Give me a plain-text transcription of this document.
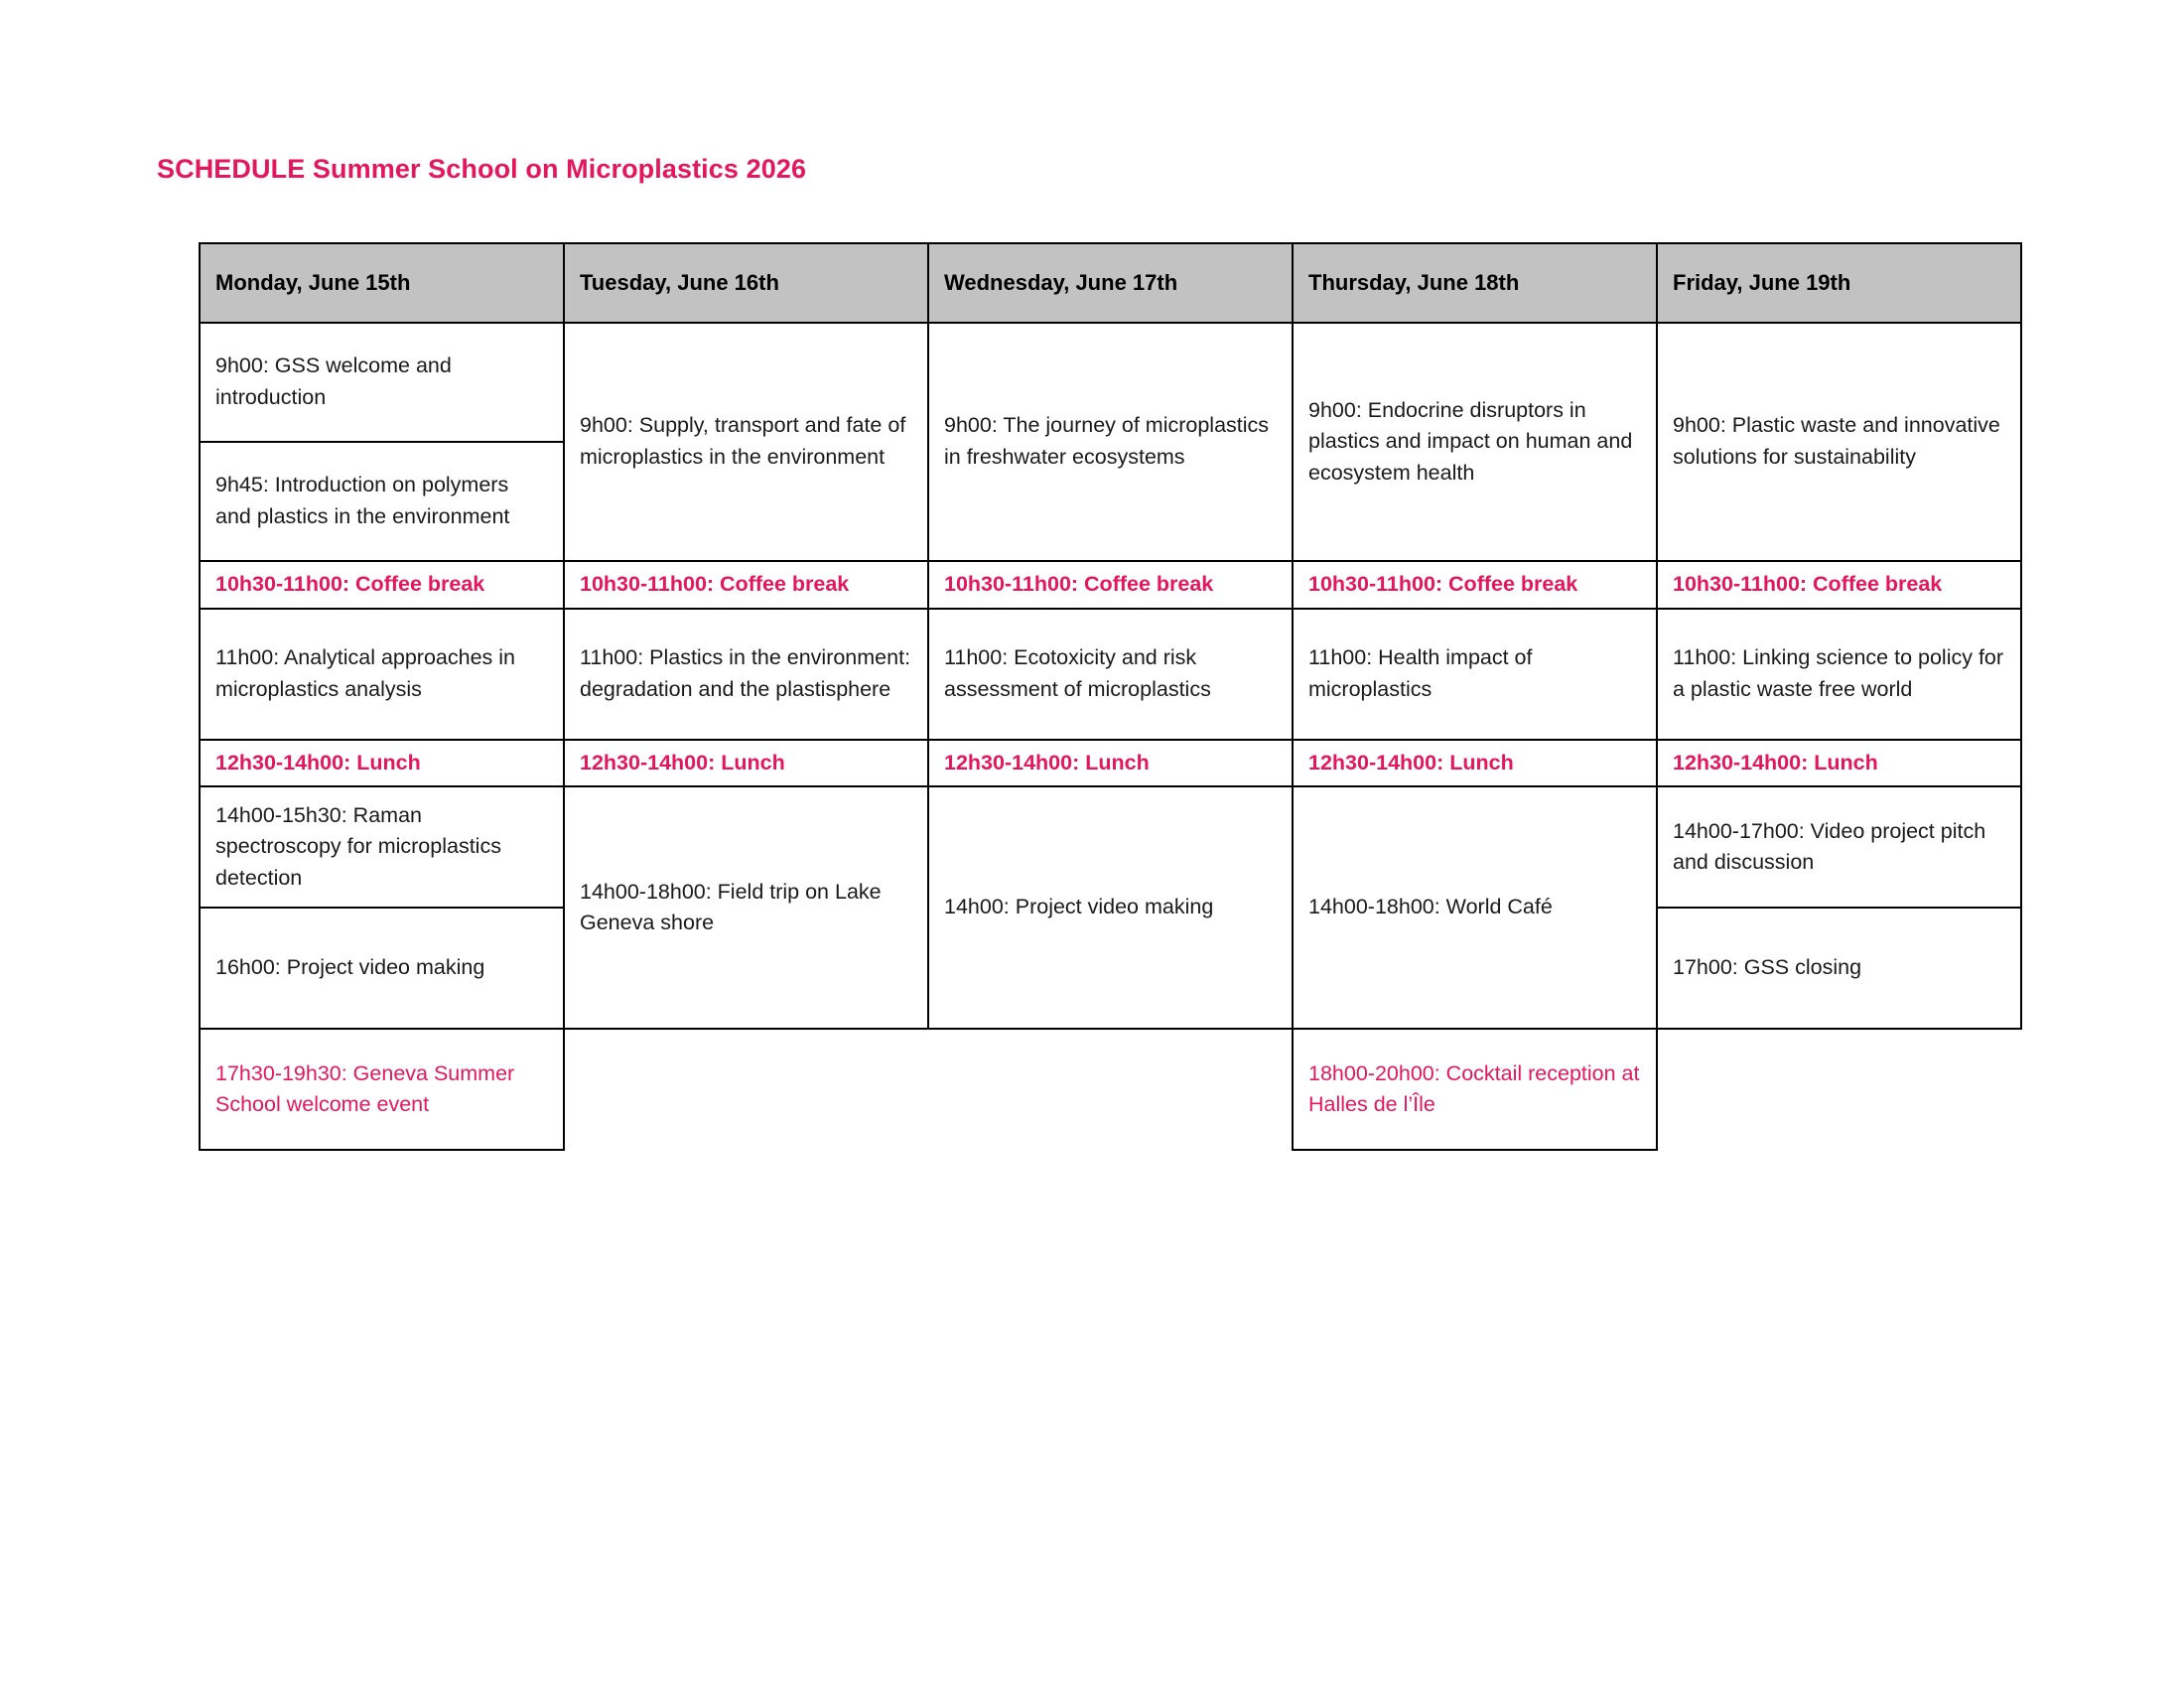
SCHEDULE Summer School on Microplastics 2026
Monday, June 15th	Tuesday, June 16th	Wednesday, June 17th	Thursday, June 18th	Friday, June 19th
9h00: GSS welcome and introduction	9h00: Supply, transport and fate of microplastics in the environment	9h00: The journey of microplastics in freshwater ecosystems	9h00: Endocrine disruptors in plastics and impact on human and ecosystem health	9h00: Plastic waste and innovative solutions for sustainability
9h45: Introduction on polymers and plastics in the environment				
10h30-11h00: Coffee break	10h30-11h00: Coffee break	10h30-11h00: Coffee break	10h30-11h00: Coffee break	10h30-11h00: Coffee break
11h00: Analytical approaches in microplastics analysis	11h00: Plastics in the environment: degradation and the plastisphere	11h00: Ecotoxicity and risk assessment of microplastics	11h00: Health impact of microplastics	11h00: Linking science to policy for a plastic waste free world
12h30-14h00: Lunch	12h30-14h00: Lunch	12h30-14h00: Lunch	12h30-14h00: Lunch	12h30-14h00: Lunch
14h00-15h30: Raman spectroscopy for microplastics detection	14h00-18h00: Field trip on Lake Geneva shore	14h00: Project video making	14h00-18h00: World Café	14h00-17h00: Video project pitch and discussion
16h00: Project video making				17h00: GSS closing
17h30-19h30: Geneva Summer School welcome event			18h00-20h00: Cocktail reception at Halles de l’Île	
